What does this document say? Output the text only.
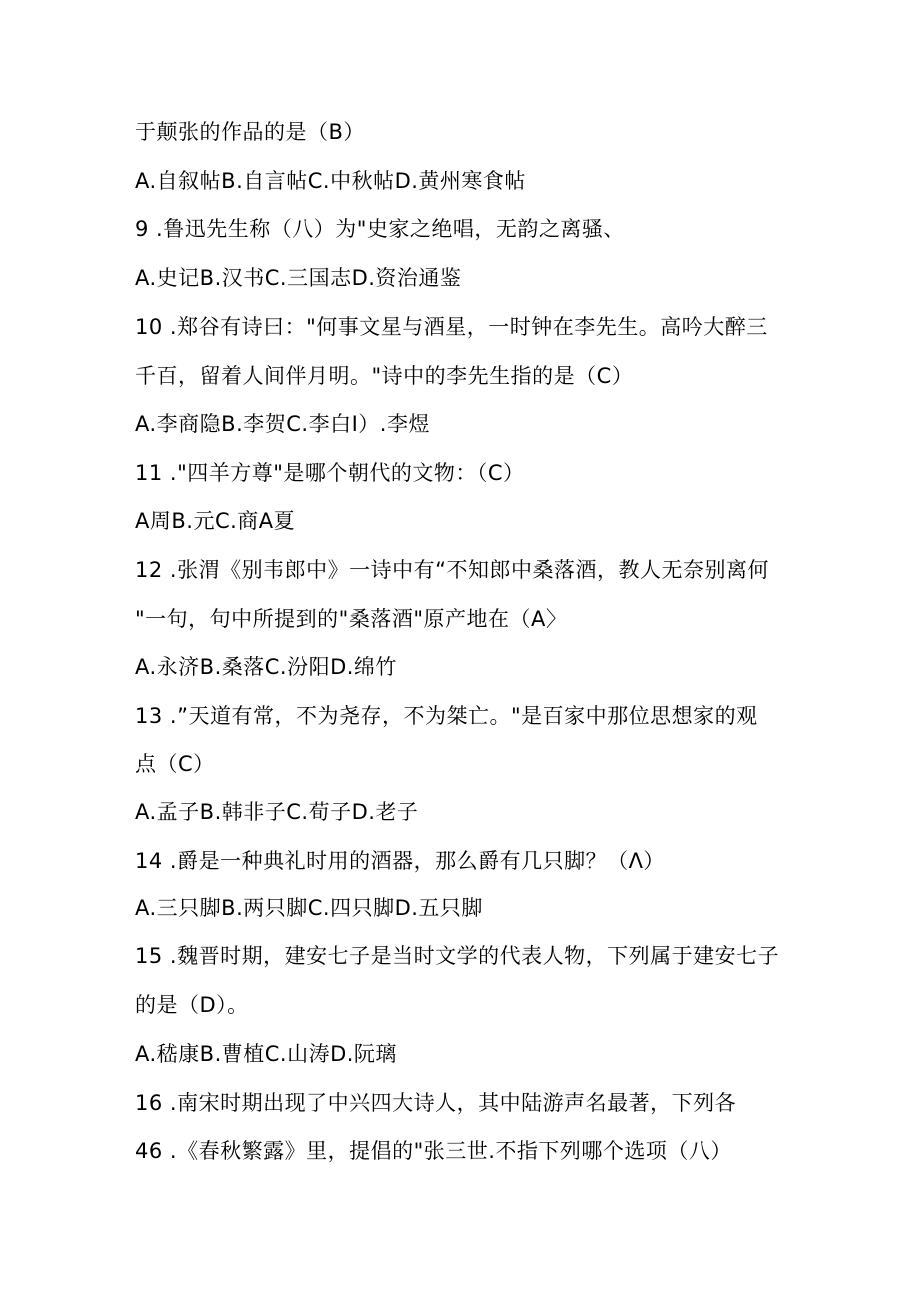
于颠张的作品的是（B）
A.自叙帖B.自言帖C.中秋帖D.黄州寒食帖
9 .鲁迅先生称（八）为"史家之绝唱，无韵之离骚、
A.史记B.汉书C.三国志D.资治通鉴
10 .郑谷有诗曰："何事文星与酒星，一时钟在李先生。高吟大醉三
千百，留着人间伴月明。"诗中的李先生指的是（C）
A.李商隐B.李贺C.李白I）.李煜
11 ."四羊方尊"是哪个朝代的文物：（C）
A周B.元C.商A夏
12 .张渭《别韦郎中》一诗中有“不知郎中桑落酒，教人无奈别离何
"一句，句中所提到的"桑落酒"原产地在（A〉
A.永济B.桑落C.汾阳D.绵竹
13 .”天道有常，不为尧存，不为桀亡。"是百家中那位思想家的观
点（C）
A.孟子B.韩非子C.荀子D.老子
14 .爵是一种典礼时用的酒器，那么爵有几只脚？（Λ）
A.三只脚B.两只脚C.四只脚D.五只脚
15 .魏晋时期，建安七子是当时文学的代表人物，下列属于建安七子
的是（D）。
A.嵇康B.曹植C.山涛D.阮璃
16 .南宋时期出现了中兴四大诗人，其中陆游声名最著，下列各
46 .《春秋繁露》里，提倡的"张三世.不指下列哪个选项（八）
